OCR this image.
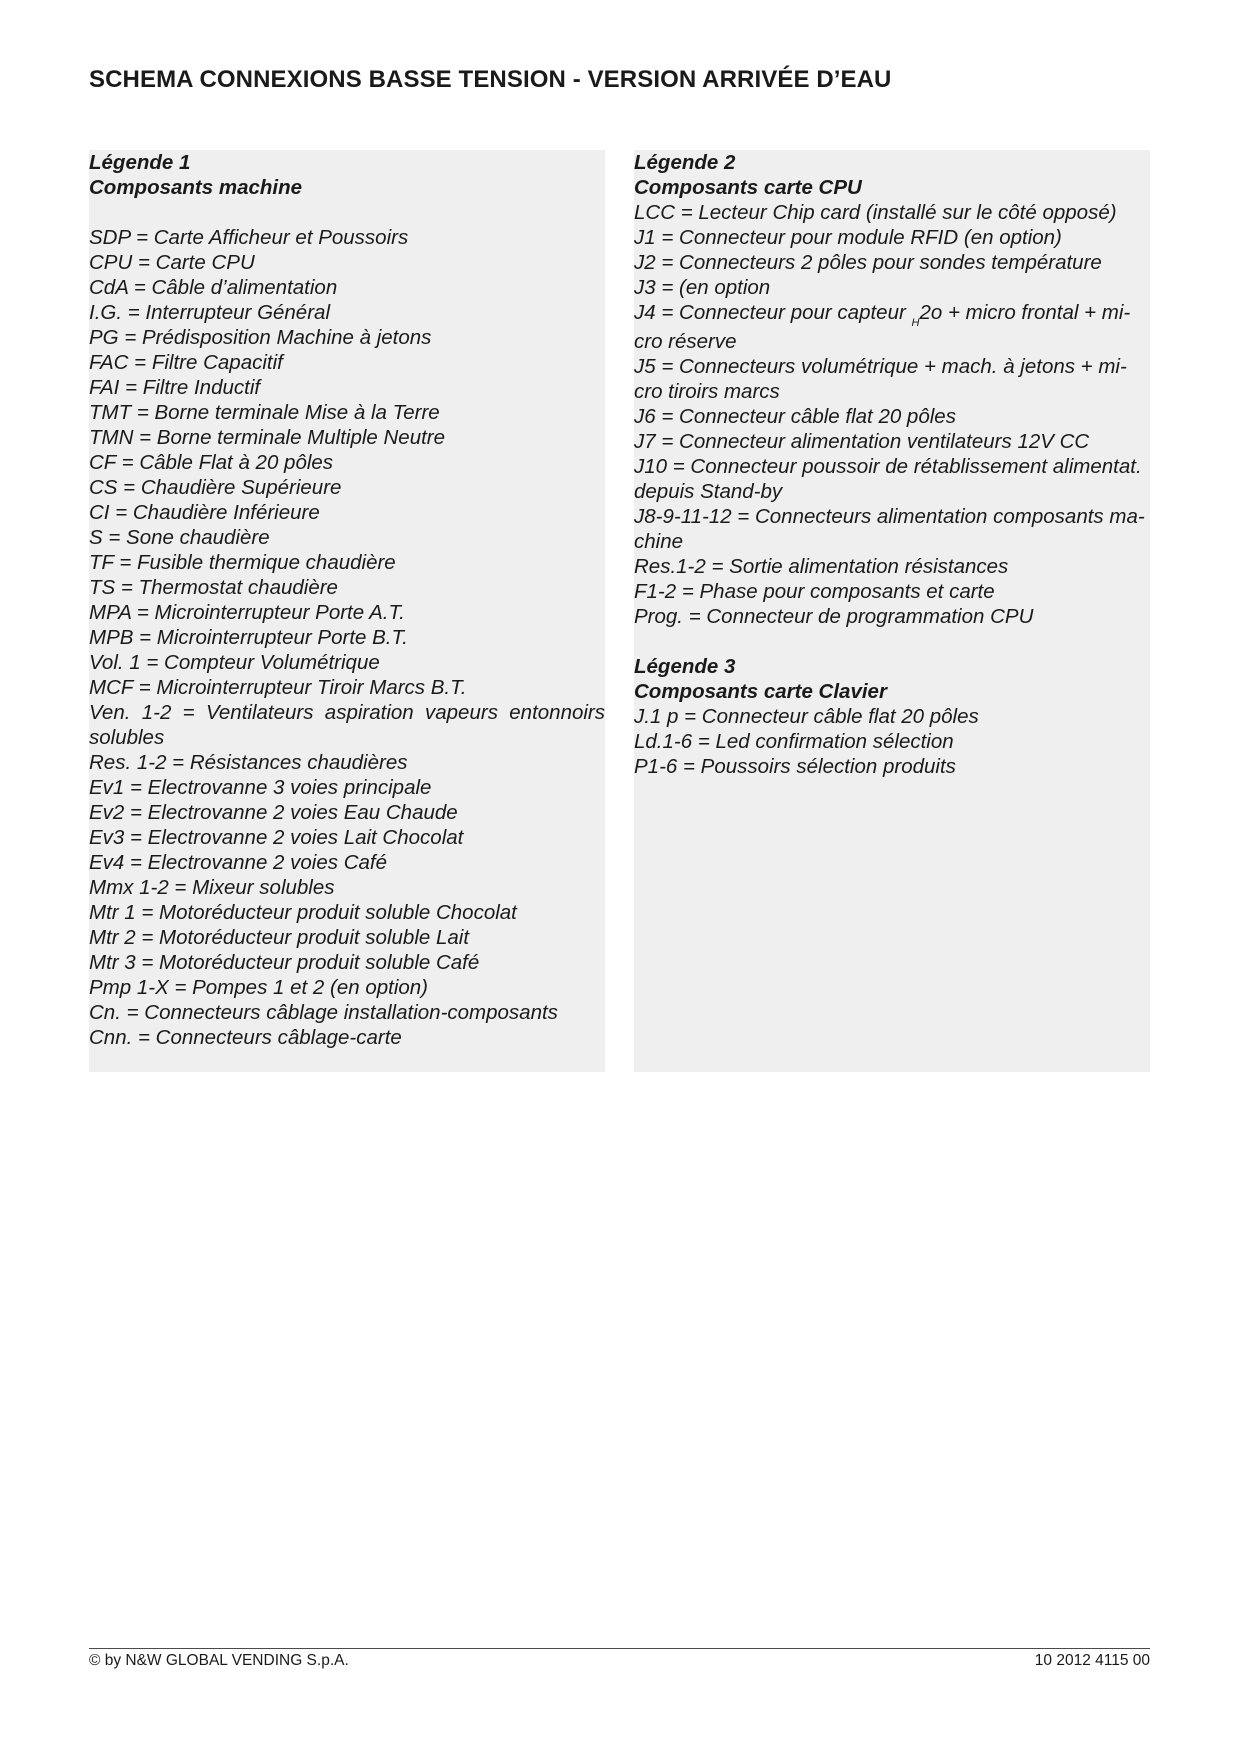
SCHEMA CONNEXIONS BASSE TENSION - VERSION ARRIVÉE D’EAU
Légende 1
Composants machine
SDP = Carte Afficheur et Poussoirs
CPU = Carte CPU
CdA = Câble d’alimentation
I.G. = Interrupteur Général
PG = Prédisposition Machine à jetons
FAC = Filtre Capacitif
FAI = Filtre Inductif
TMT = Borne terminale Mise à la Terre
TMN = Borne terminale Multiple Neutre
CF = Câble Flat à 20 pôles
CS = Chaudière Supérieure
CI = Chaudière Inférieure
S = Sone chaudière
TF = Fusible thermique chaudière
TS = Thermostat chaudière
MPA = Microinterrupteur Porte A.T.
MPB = Microinterrupteur Porte B.T.
Vol. 1 = Compteur Volumétrique
MCF = Microinterrupteur Tiroir Marcs B.T.
Ven. 1-2 = Ventilateurs aspiration vapeurs entonnoirs
solubles
Res. 1-2 = Résistances chaudières
Ev1 = Electrovanne 3 voies principale
Ev2 = Electrovanne 2 voies Eau Chaude
Ev3 = Electrovanne 2 voies Lait Chocolat
Ev4 = Electrovanne 2 voies Café
Mmx 1-2 = Mixeur solubles
Mtr 1 = Motoréducteur produit soluble Chocolat
Mtr 2 = Motoréducteur produit soluble Lait
Mtr 3 = Motoréducteur produit soluble Café
Pmp 1-X = Pompes 1 et 2 (en option)
Cn. = Connecteurs câblage installation-composants
Cnn. = Connecteurs câblage-carte
Légende 2
Composants carte CPU
LCC = Lecteur Chip card (installé sur le côté opposé)
J1 = Connecteur pour module RFID (en option)
J2 = Connecteurs 2 pôles pour sondes température
J3 = (en option
J4 = Connecteur pour capteur $_H$2o + micro frontal + mi-
cro réserve
J5 = Connecteurs volumétrique + mach. à jetons + mi-
cro tiroirs marcs
J6 = Connecteur câble flat 20 pôles
J7 = Connecteur alimentation ventilateurs 12V CC
J10 = Connecteur poussoir de rétablissement alimentat.
depuis Stand-by
J8-9-11-12 = Connecteurs alimentation composants ma-
chine
Res.1-2 = Sortie alimentation résistances
F1-2 = Phase pour composants et carte
Prog. = Connecteur de programmation CPU
Légende 3
Composants carte Clavier
J.1 p = Connecteur câble flat 20 pôles
Ld.1-6 = Led confirmation sélection
P1-6 = Poussoirs sélection produits
© by N&W GLOBAL VENDING S.p.A.	10 2012 4115 00
